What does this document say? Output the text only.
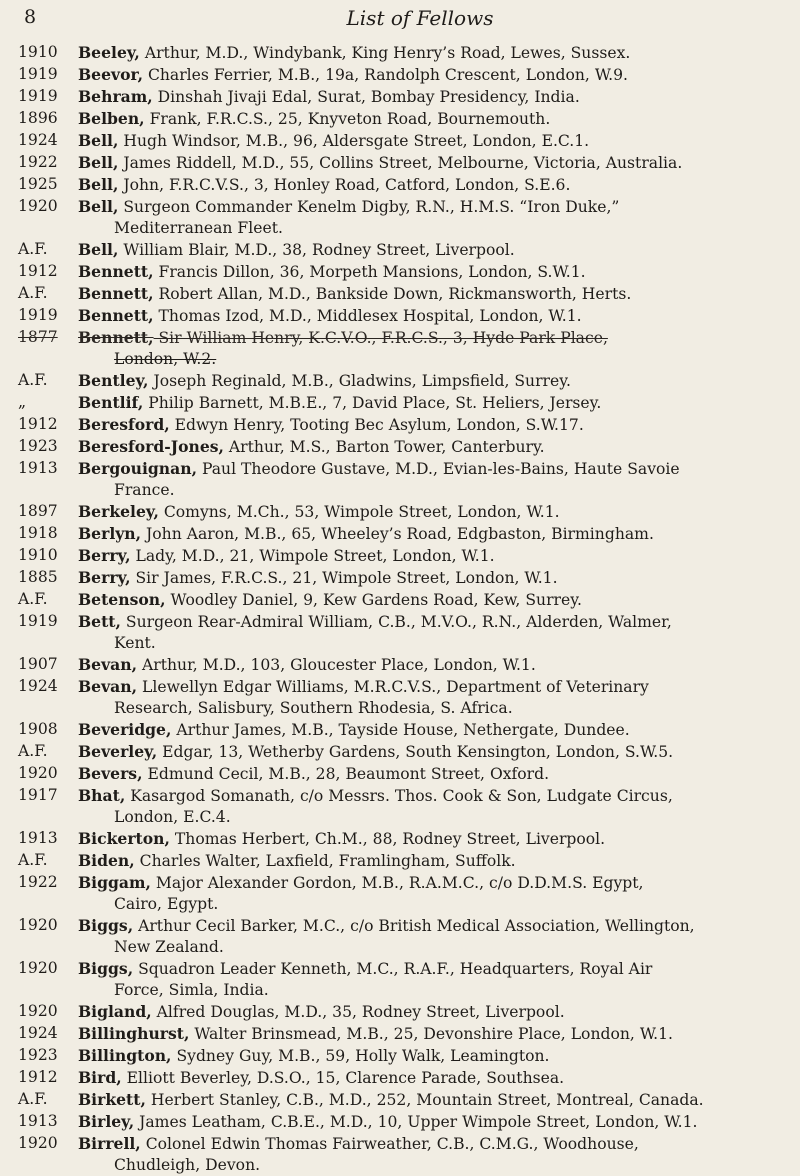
8	List of Fellows
1910	Beeley, Arthur, M.D., Windybank, King Henry’s Road, Lewes, Sussex.
1919	Beevor, Charles Ferrier, M.B., 19a, Randolph Crescent, London, W.9.
1919	Behram, Dinshah Jivaji Edal, Surat, Bombay Presidency, India.
1896	Belben, Frank, F.R.C.S., 25, Knyveton Road, Bournemouth.
1924	Bell, Hugh Windsor, M.B., 96, Aldersgate Street, London, E.C.1.
1922	Bell, James Riddell, M.D., 55, Collins Street, Melbourne, Victoria, Australia.
1925	Bell, John, F.R.C.V.S., 3, Honley Road, Catford, London, S.E.6.
1920	Bell, Surgeon Commander Kenelm Digby, R.N., H.M.S. “Iron Duke,”
Mediterranean Fleet.
A.F.	Bell, William Blair, M.D., 38, Rodney Street, Liverpool.
1912	Bennett, Francis Dillon, 36, Morpeth Mansions, London, S.W.1.
A.F.	Bennett, Robert Allan, M.D., Bankside Down, Rickmansworth, Herts.
1919	Bennett, Thomas Izod, M.D., Middlesex Hospital, London, W.1.
1877	Bennett, Sir William Henry, K.C.V.O., F.R.C.S., 3, Hyde Park Place,
London, W.2.
A.F.	Bentley, Joseph Reginald, M.B., Gladwins, Limpsfield, Surrey.
„	Bentlif, Philip Barnett, M.B.E., 7, David Place, St. Heliers, Jersey.
1912	Beresford, Edwyn Henry, Tooting Bec Asylum, London, S.W.17.
1923	Beresford-Jones, Arthur, M.S., Barton Tower, Canterbury.
1913	Bergouignan, Paul Theodore Gustave, M.D., Evian-les-Bains, Haute Savoie
France.
1897	Berkeley, Comyns, M.Ch., 53, Wimpole Street, London, W.1.
1918	Berlyn, John Aaron, M.B., 65, Wheeley’s Road, Edgbaston, Birmingham.
1910	Berry, Lady, M.D., 21, Wimpole Street, London, W.1.
1885	Berry, Sir James, F.R.C.S., 21, Wimpole Street, London, W.1.
A.F.	Betenson, Woodley Daniel, 9, Kew Gardens Road, Kew, Surrey.
1919	Bett, Surgeon Rear-Admiral William, C.B., M.V.O., R.N., Alderden, Walmer,
Kent.
1907	Bevan, Arthur, M.D., 103, Gloucester Place, London, W.1.
1924	Bevan, Llewellyn Edgar Williams, M.R.C.V.S., Department of Veterinary
Research, Salisbury, Southern Rhodesia, S. Africa.
1908	Beveridge, Arthur James, M.B., Tayside House, Nethergate, Dundee.
A.F.	Beverley, Edgar, 13, Wetherby Gardens, South Kensington, London, S.W.5.
1920	Bevers, Edmund Cecil, M.B., 28, Beaumont Street, Oxford.
1917	Bhat, Kasargod Somanath, c/o Messrs. Thos. Cook & Son, Ludgate Circus,
London, E.C.4.
1913	Bickerton, Thomas Herbert, Ch.M., 88, Rodney Street, Liverpool.
A.F.	Biden, Charles Walter, Laxfield, Framlingham, Suffolk.
1922	Biggam, Major Alexander Gordon, M.B., R.A.M.C., c/o D.D.M.S. Egypt,
Cairo, Egypt.
1920	Biggs, Arthur Cecil Barker, M.C., c/o British Medical Association, Wellington,
New Zealand.
1920	Biggs, Squadron Leader Kenneth, M.C., R.A.F., Headquarters, Royal Air
Force, Simla, India.
1920	Bigland, Alfred Douglas, M.D., 35, Rodney Street, Liverpool.
1924	Billinghurst, Walter Brinsmead, M.B., 25, Devonshire Place, London, W.1.
1923	Billington, Sydney Guy, M.B., 59, Holly Walk, Leamington.
1912	Bird, Elliott Beverley, D.S.O., 15, Clarence Parade, Southsea.
A.F.	Birkett, Herbert Stanley, C.B., M.D., 252, Mountain Street, Montreal, Canada.
1913	Birley, James Leatham, C.B.E., M.D., 10, Upper Wimpole Street, London, W.1.
1920	Birrell, Colonel Edwin Thomas Fairweather, C.B., C.M.G., Woodhouse,
Chudleigh, Devon.
